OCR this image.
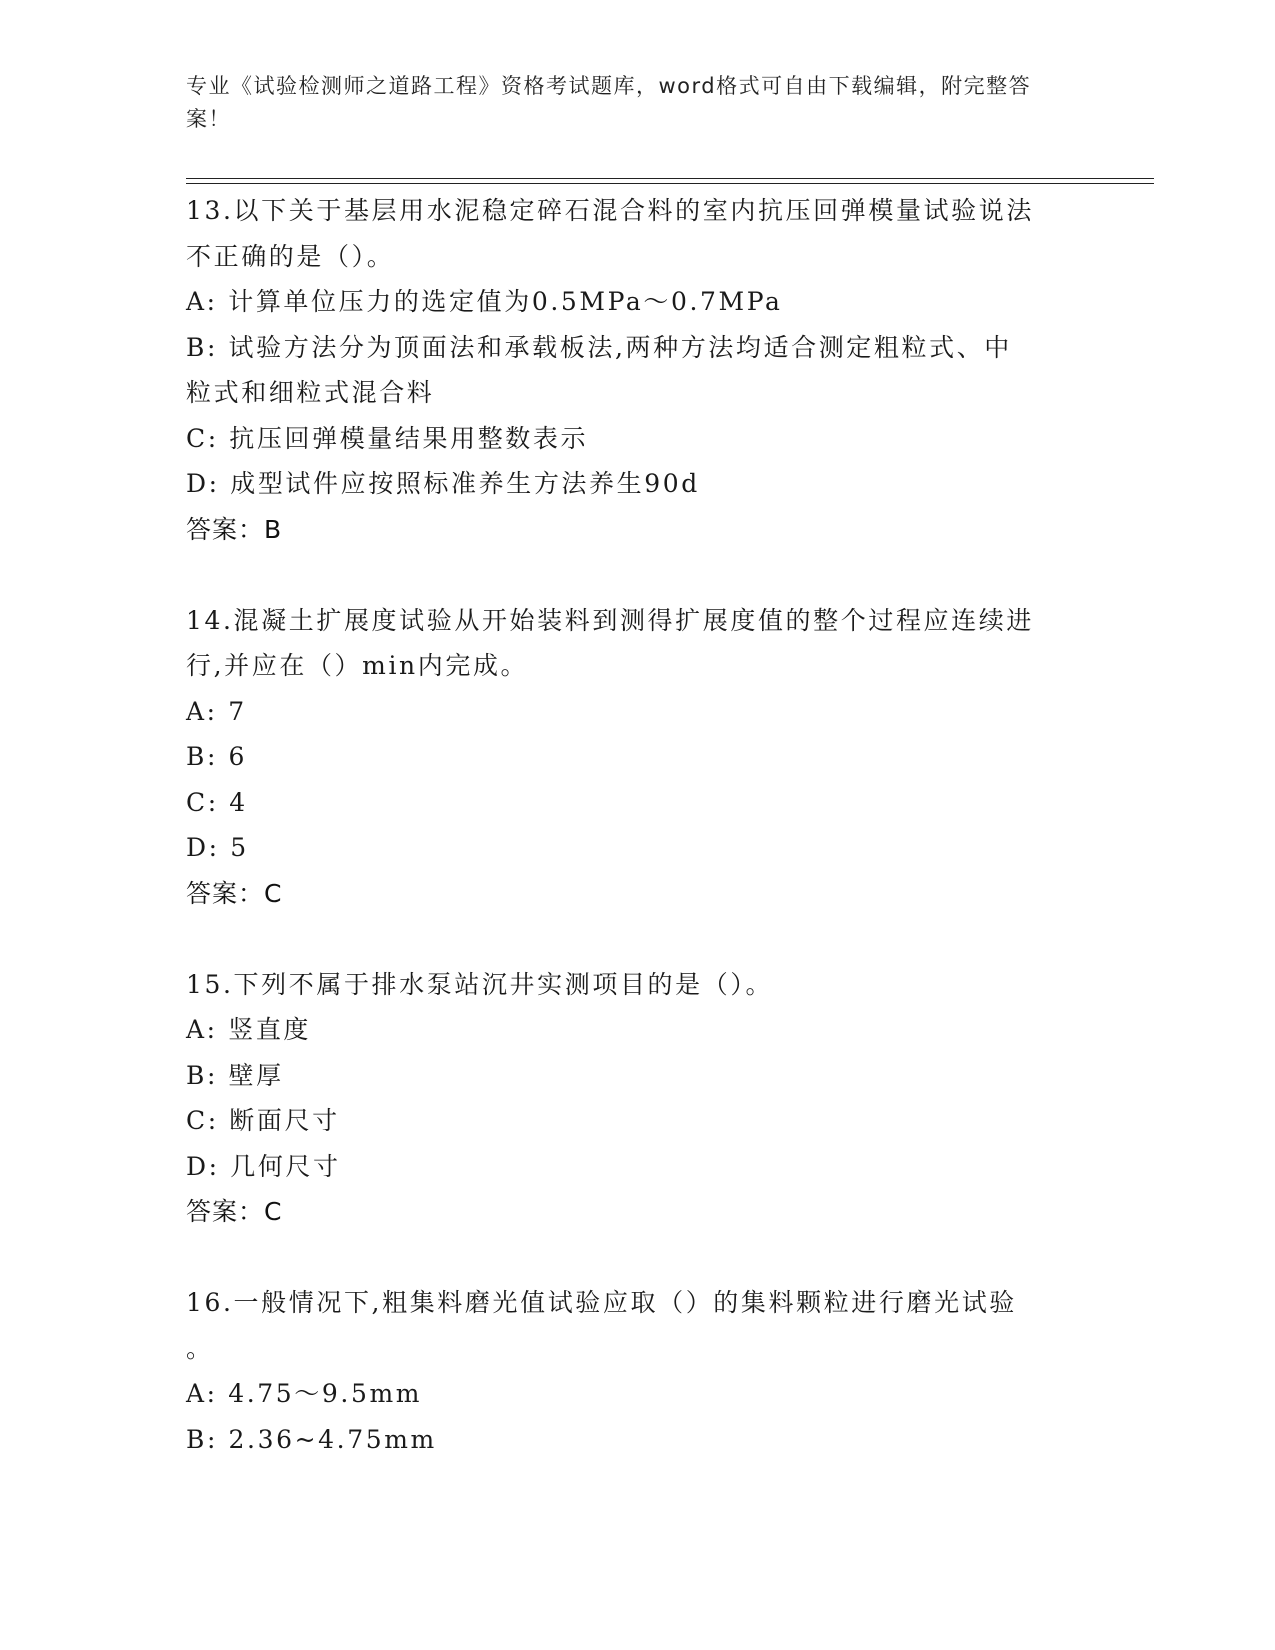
专业《试验检测师之道路工程》资格考试题库，word格式可自由下载编辑，附完整答案！
13.以下关于基层用水泥稳定碎石混合料的室内抗压回弹模量试验说法
不正确的是（）。
A: 计算单位压力的选定值为0.5MPa～0.7MPa
B: 试验方法分为顶面法和承载板法,两种方法均适合测定粗粒式、中
粒式和细粒式混合料
C: 抗压回弹模量结果用整数表示
D: 成型试件应按照标准养生方法养生90d
答案：B
14.混凝土扩展度试验从开始装料到测得扩展度值的整个过程应连续进
行,并应在（）min内完成。
A: 7
B: 6
C: 4
D: 5
答案：C
15.下列不属于排水泵站沉井实测项目的是（）。
A: 竖直度
B: 壁厚
C: 断面尺寸
D: 几何尺寸
答案：C
16.一般情况下,粗集料磨光值试验应取（）的集料颗粒进行磨光试验
。
A: 4.75～9.5mm
B: 2.36~4.75mm
